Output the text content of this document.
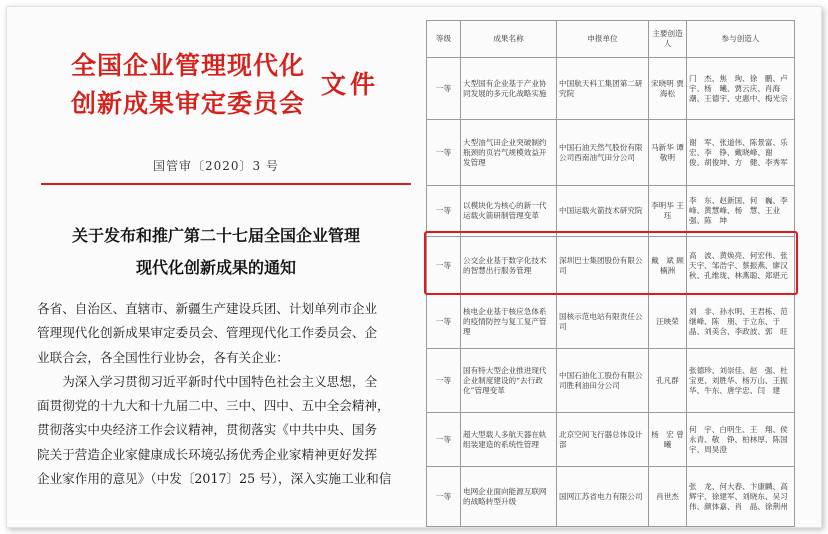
全国企业管理现代化
创新成果审定委员会
文件
国管审〔2020〕3 号
关于发布和推广第二十七届全国企业管理
现代化创新成果的通知
各省、自治区、直辖市、新疆生产建设兵团、计划单列市企业
管理现代化创新成果审定委员会、管理现代化工作委员会、企
业联合会，各全国性行业协会，各有关企业：
　　为深入学习贯彻习近平新时代中国特色社会主义思想，全
面贯彻党的十九大和十九届二中、三中、四中、五中全会精神，
贯彻落实中央经济工作会议精神，贯彻落实《中共中央、国务
院关于营造企业家健康成长环境弘扬优秀企业家精神更好发挥
企业家作用的意见》（中发〔2017〕25 号），深入实施工业和信
等级	成果名称	申报单位	主要创造人	参与创造人
一等	大型国有企业基于产业协同发展的多元化战略实施	中国航天科工集团第二研究院	宋晓明 贾海松	门　杰、焦　珣、徐　鹏、卢　宇、杨　曦、贾云庆、肖海潮、王德宇、史惠中、梅光宗
一等	大型油气田企业突破制约瓶颈的页岩气规模效益开发管理	中国石油天然气股份有限公司西南油气田分公司	马新华 谭敬明	谢　军、张道伟、陈景富、乐　宏、李　铮、戴晓峰、谢　俊、胡俊坤、方　健、李秀军
一等	以模块化为核心的新一代运载火箭研制管理变革	中国运载火箭技术研究院	李明华 王　珏	李　东、赵新国、何　巍、李　峰、黄慧峰、杨　慧、王业强、陈　坤
一等	公交企业基于数字化技术的智慧出行服务管理	深圳巴士集团股份有限公司	戴　斌 顾楠洲	高　波、黄焕亮、何宏伟、张天宇、邹浩宇、蔡振燕、廖汉秋、孔维珑、林燕聪、郑堪元
一等	核电企业基于核应急体系的疫情防控与复工复产管理	国核示范电站有限责任公司	汪映荣	刘　非、孙水明、王君栋、范继峰、陈　朋、于立东、于晶、刘美含、李政波、郭　旺
一等	国有特大型企业推进现代企业制度建设的“去行政化”管理变革	中国石油化工股份有限公司胜利油田分公司	孔凡群	张德珍、刘崇佳、赵　强、杜宝更、刘胜华、杨万山、王振华、牛东、唐学忠、闫　建
一等	超大型载人多航天器在轨组装建造的系统性管理	北京空间飞行器总体设计部	杨　宏 曾　曦	何　宇、白明生、王　翔、侯永青、敬　铮、柏林厚、陈国宇、周昊澄
一等	电网企业面向能源互联网的战略转型升级	国网江苏省电力有限公司	肖世杰	张　龙、何大春、卞康麟、高辉宇、徐建军、刘晓东、吴习伟、颜体嘉、肖　晶、徐荆州
